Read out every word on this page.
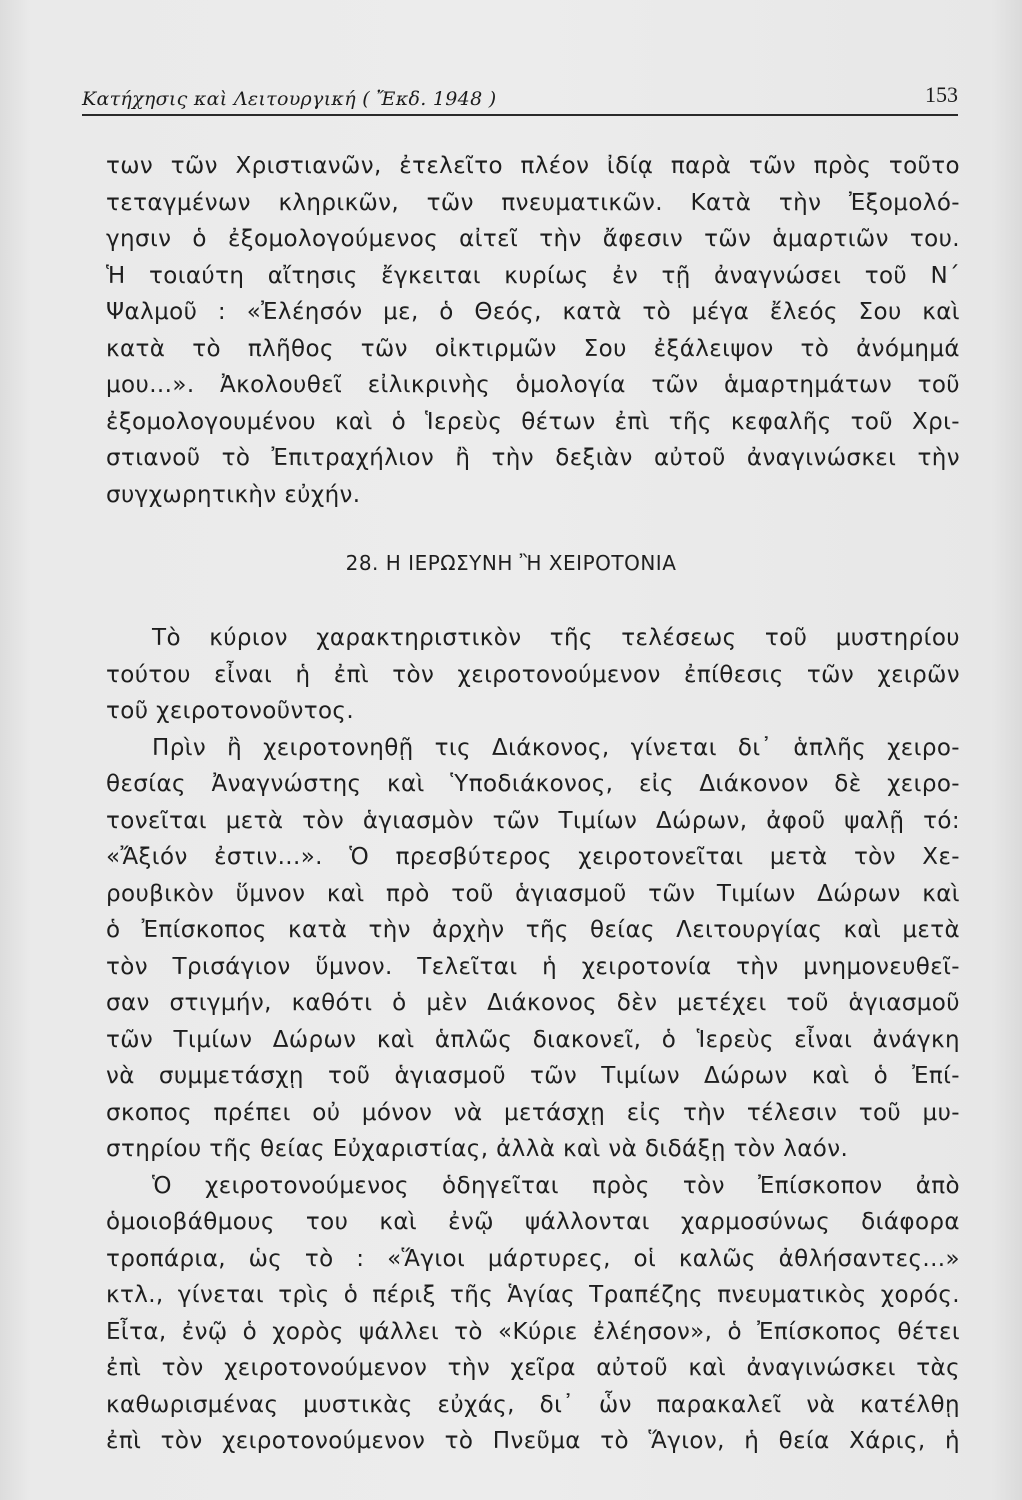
Κατήχησις καὶ Λειτουργική ( Ἔκδ. 1948 )	153
των τῶν Χριστιανῶν, ἐτελεῖτο πλέον ἰδίᾳ παρὰ τῶν πρὸς τοῦτο
τεταγμένων κληρικῶν, τῶν πνευματικῶν. Κατὰ τὴν Ἐξομολό-
γησιν ὁ ἐξομολογούμενος αἰτεῖ τὴν ἄφεσιν τῶν ἁμαρτιῶν του.
Ἡ τοιαύτη αἴτησις ἔγκειται κυρίως ἐν τῇ ἀναγνώσει τοῦ Ν´
Ψαλμοῦ : «Ἐλέησόν με, ὁ Θεός, κατὰ τὸ μέγα ἔλεός Σου καὶ
κατὰ τὸ πλῆθος τῶν οἰκτιρμῶν Σου ἐξάλειψον τὸ ἀνόμημά
μου...». Ἀκολουθεῖ εἰλικρινὴς ὁμολογία τῶν ἁμαρτημάτων τοῦ
ἐξομολογουμένου καὶ ὁ Ἱερεὺς θέτων ἐπὶ τῆς κεφαλῆς τοῦ Χρι-
στιανοῦ τὸ Ἐπιτραχήλιον ἢ τὴν δεξιὰν αὐτοῦ ἀναγινώσκει τὴν
συγχωρητικὴν εὐχήν.
28. Η ΙΕΡΩΣΥΝΗ Ἢ ΧΕΙΡΟΤΟΝΙΑ
Τὸ κύριον χαρακτηριστικὸν τῆς τελέσεως τοῦ μυστηρίου
τούτου εἶναι ἡ ἐπὶ τὸν χειροτονούμενον ἐπίθεσις τῶν χειρῶν
τοῦ χειροτονοῦντος.
Πρὶν ἢ χειροτονηθῇ τις Διάκονος, γίνεται δι᾽ ἁπλῆς χειρο-
θεσίας Ἀναγνώστης καὶ Ὑποδιάκονος, εἰς Διάκονον δὲ χειρο-
τονεῖται μετὰ τὸν ἁγιασμὸν τῶν Τιμίων Δώρων, ἀφοῦ ψαλῇ τό:
«Ἄξιόν ἐστιν...». Ὁ πρεσβύτερος χειροτονεῖται μετὰ τὸν Χε-
ρουβικὸν ὕμνον καὶ πρὸ τοῦ ἁγιασμοῦ τῶν Τιμίων Δώρων καὶ
ὁ Ἐπίσκοπος κατὰ τὴν ἀρχὴν τῆς θείας Λειτουργίας καὶ μετὰ
τὸν Τρισάγιον ὕμνον. Τελεῖται ἡ χειροτονία τὴν μνημονευθεῖ-
σαν στιγμήν, καθότι ὁ μὲν Διάκονος δὲν μετέχει τοῦ ἁγιασμοῦ
τῶν Τιμίων Δώρων καὶ ἁπλῶς διακονεῖ, ὁ Ἱερεὺς εἶναι ἀνάγκη
νὰ συμμετάσχῃ τοῦ ἁγιασμοῦ τῶν Τιμίων Δώρων καὶ ὁ Ἐπί-
σκοπος πρέπει οὐ μόνον νὰ μετάσχῃ εἰς τὴν τέλεσιν τοῦ μυ-
στηρίου τῆς θείας Εὐχαριστίας, ἀλλὰ καὶ νὰ διδάξῃ τὸν λαόν.
Ὁ χειροτονούμενος ὁδηγεῖται πρὸς τὸν Ἐπίσκοπον ἀπὸ
ὁμοιοβάθμους του καὶ ἐνῷ ψάλλονται χαρμοσύνως διάφορα
τροπάρια, ὡς τὸ : «Ἅγιοι μάρτυρες, οἱ καλῶς ἀθλήσαντες...»
κτλ., γίνεται τρὶς ὁ πέριξ τῆς Ἁγίας Τραπέζης πνευματικὸς χορός.
Εἶτα, ἐνῷ ὁ χορὸς ψάλλει τὸ «Κύριε ἐλέησον», ὁ Ἐπίσκοπος θέτει
ἐπὶ τὸν χειροτονούμενον τὴν χεῖρα αὐτοῦ καὶ ἀναγινώσκει τὰς
καθωρισμένας μυστικὰς εὐχάς, δι᾽ ὧν παρακαλεῖ νὰ κατέλθῃ
ἐπὶ τὸν χειροτονούμενον τὸ Πνεῦμα τὸ Ἅγιον, ἡ θεία Χάρις, ἡ
